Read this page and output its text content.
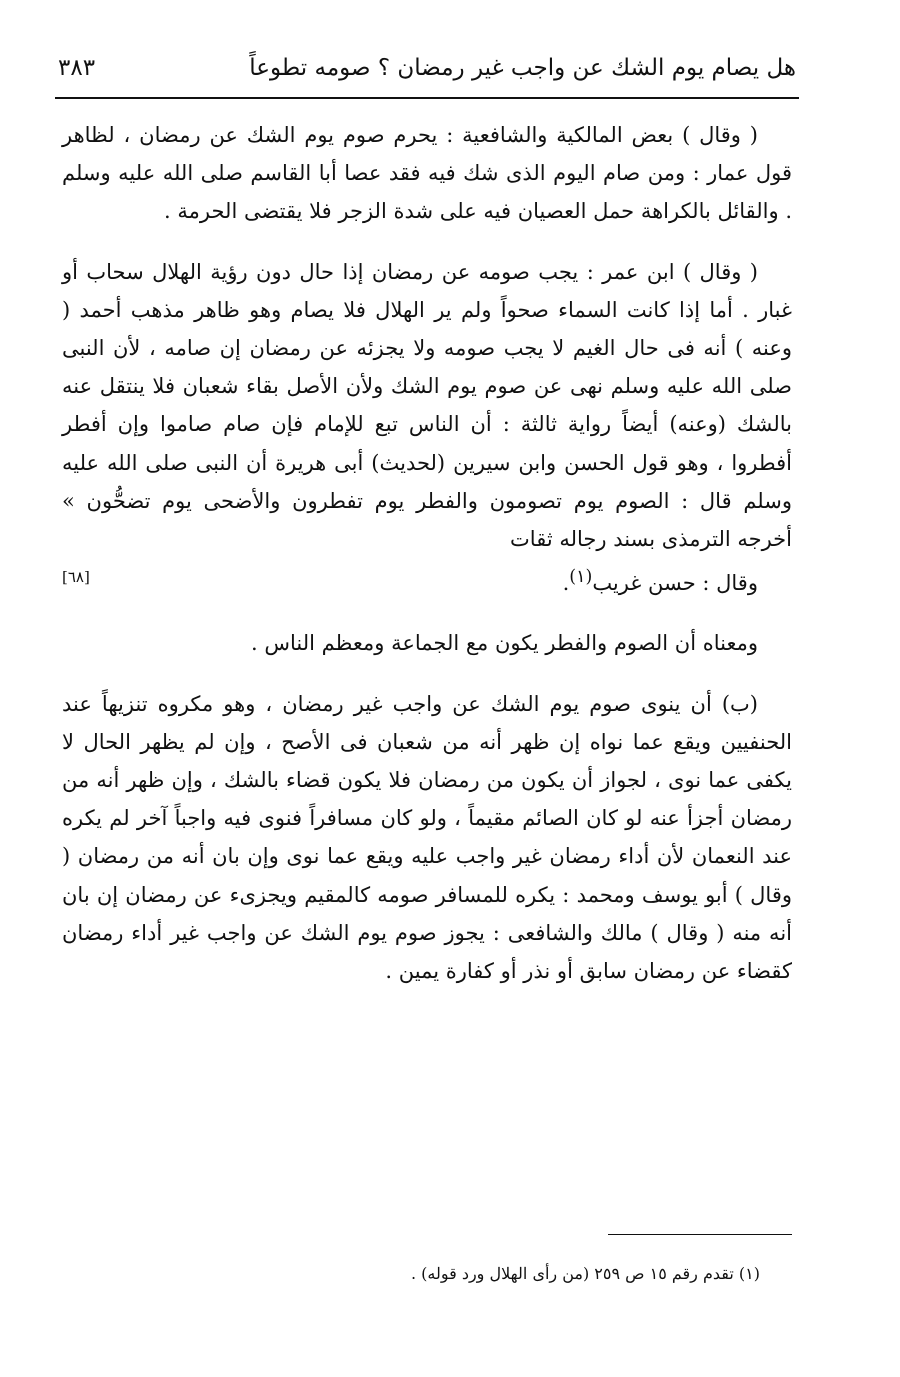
هل يصام يوم الشك عن واجب غير رمضان ؟ صومه تطوعاً
٣٨٣

( وقال ) بعض المالكية والشافعية : يحرم صوم يوم الشك عن رمضان ، لظاهر قول عمار : ومن صام اليوم الذى شك فيه فقد عصا أبا القاسم صلى الله عليه وسلم . والقائل بالكراهة حمل العصيان فيه على شدة الزجر فلا يقتضى الحرمة .

( وقال ) ابن عمر : يجب صومه عن رمضان إذا حال دون رؤية الهلال سحاب أو غبار . أما إذا كانت السماء صحواً ولم ير الهلال فلا يصام وهو ظاهر مذهب أحمد ( وعنه ) أنه فى حال الغيم لا يجب صومه ولا يجزئه عن رمضان إن صامه ، لأن النبى صلى الله عليه وسلم نهى عن صوم يوم الشك ولأن الأصل بقاء شعبان فلا ينتقل عنه بالشك (وعنه) أيضاً رواية ثالثة : أن الناس تبع للإمام فإن صام صاموا وإن أفطر أفطروا ، وهو قول الحسن وابن سيرين (لحديث) أبى هريرة أن النبى صلى الله عليه وسلم قال : الصوم يوم تصومون والفطر يوم تفطرون والأضحى يوم تضحُّون » أخرجه الترمذى بسند رجاله ثقات
وقال : حسن غريب$^{(١)}$.
[٦٨]

ومعناه أن الصوم والفطر يكون مع الجماعة ومعظم الناس .

(ب) أن ينوى صوم يوم الشك عن واجب غير رمضان ، وهو مكروه تنزيهاً عند الحنفيين ويقع عما نواه إن ظهر أنه من شعبان فى الأصح ، وإن لم يظهر الحال لا يكفى عما نوى ، لجواز أن يكون من رمضان فلا يكون قضاء بالشك ، وإن ظهر أنه من رمضان أجزأ عنه لو كان الصائم مقيماً ، ولو كان مسافراً فنوى فيه واجباً آخر لم يكره عند النعمان لأن أداء رمضان غير واجب عليه ويقع عما نوى وإن بان أنه من رمضان ( وقال ) أبو يوسف ومحمد : يكره للمسافر صومه كالمقيم ويجزىء عن رمضان إن بان أنه منه ( وقال ) مالك والشافعى : يجوز صوم يوم الشك عن واجب غير أداء رمضان كقضاء عن رمضان سابق أو نذر أو كفارة يمين .

(١) تقدم رقم ١٥ ص ٢٥٩ (من رأى الهلال ورد قوله) .
